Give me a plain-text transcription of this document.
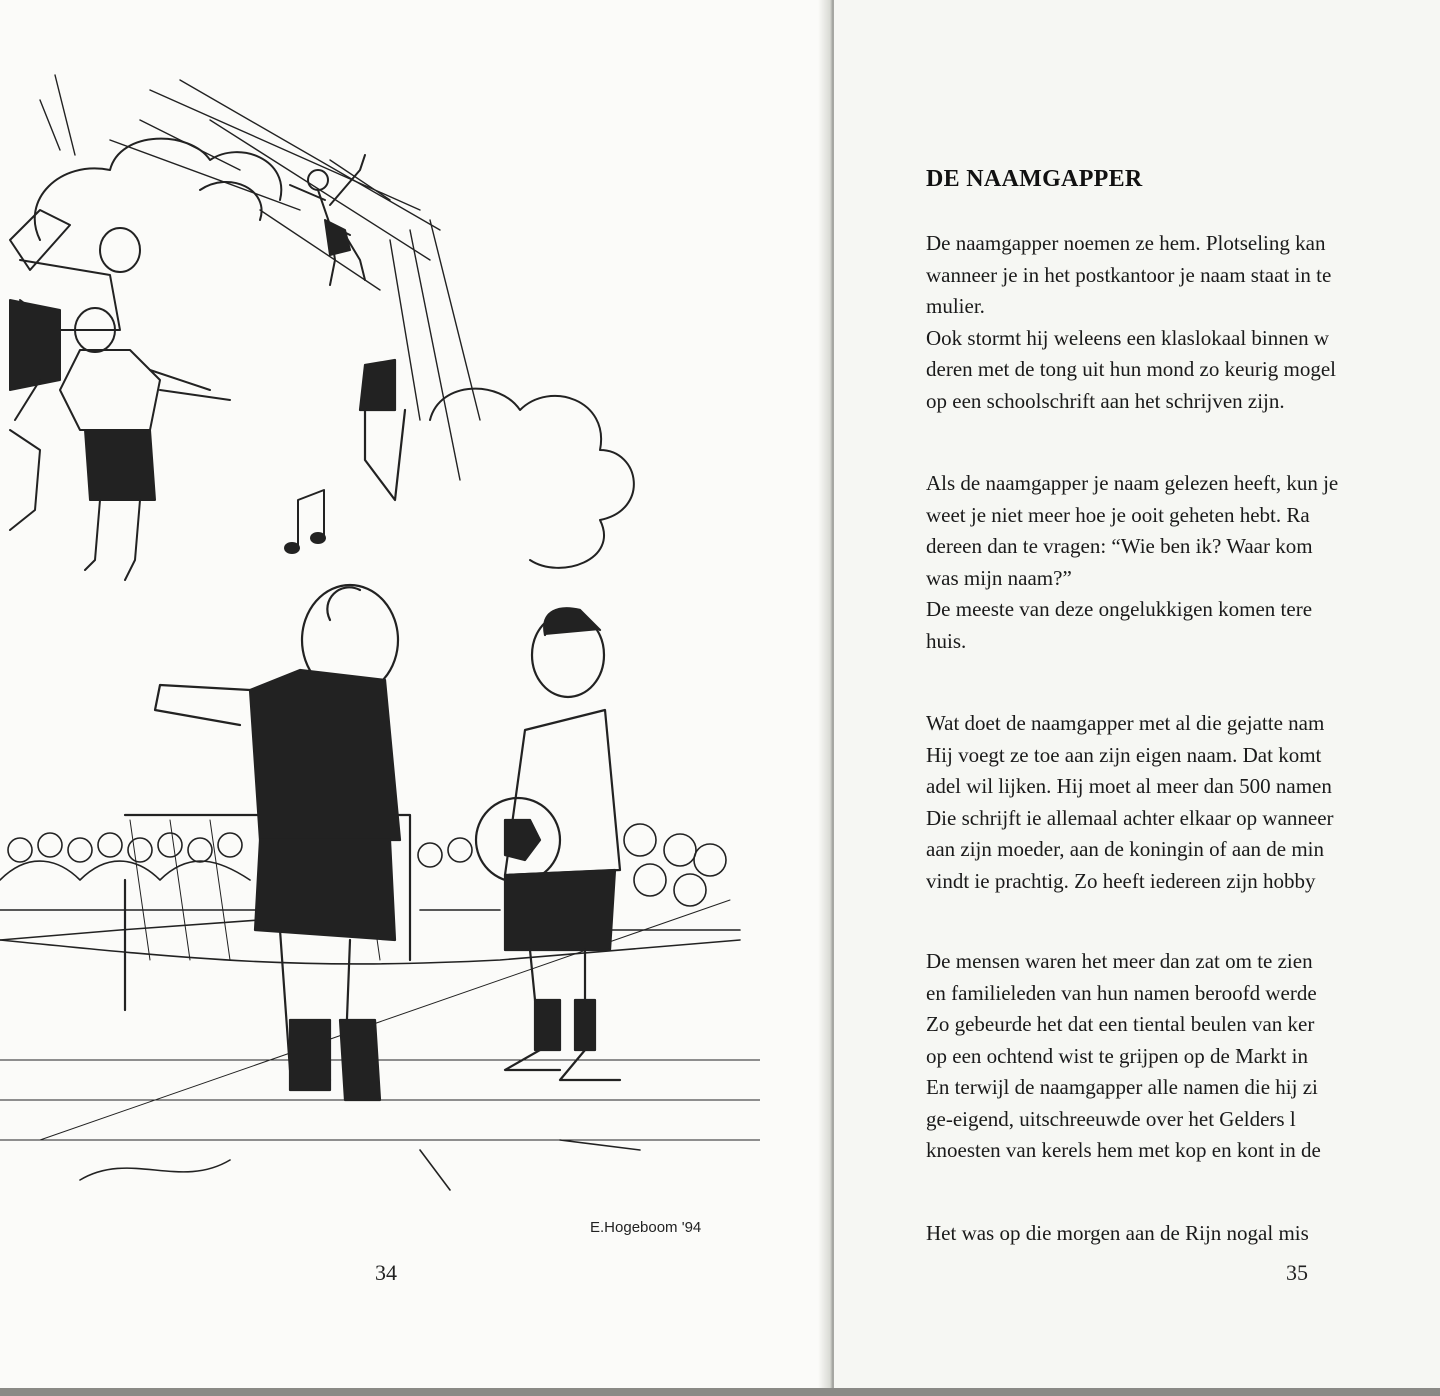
E.Hogeboom '94
34
DE NAAMGAPPER
De naamgapper noemen ze hem. Plotseling kan
wanneer je in het postkantoor je naam staat in te
mulier.
Ook stormt hij weleens een klaslokaal binnen w
deren met de tong uit hun mond zo keurig mogel
op een schoolschrift aan het schrijven zijn.
Als de naamgapper je naam gelezen heeft, kun je
weet je niet meer hoe je ooit geheten hebt. Ra
dereen dan te vragen: “Wie ben ik? Waar kom
was mijn naam?”
De meeste van deze ongelukkigen komen tere
huis.
Wat doet de naamgapper met al die gejatte nam
Hij voegt ze toe aan zijn eigen naam. Dat komt
adel wil lijken. Hij moet al meer dan 500 namen
Die schrijft ie allemaal achter elkaar op wanneer
aan zijn moeder, aan de koningin of aan de min
vindt ie prachtig. Zo heeft iedereen zijn hobby
De mensen waren het meer dan zat om te zien
en familieleden van hun namen beroofd werde
Zo gebeurde het dat een tiental beulen van ker
op een ochtend wist te grijpen op de Markt in
En terwijl de naamgapper alle namen die hij zi
ge-eigend, uitschreeuwde over het Gelders l
knoesten van kerels hem met kop en kont in de
Het was op die morgen aan de Rijn nogal mis
35
